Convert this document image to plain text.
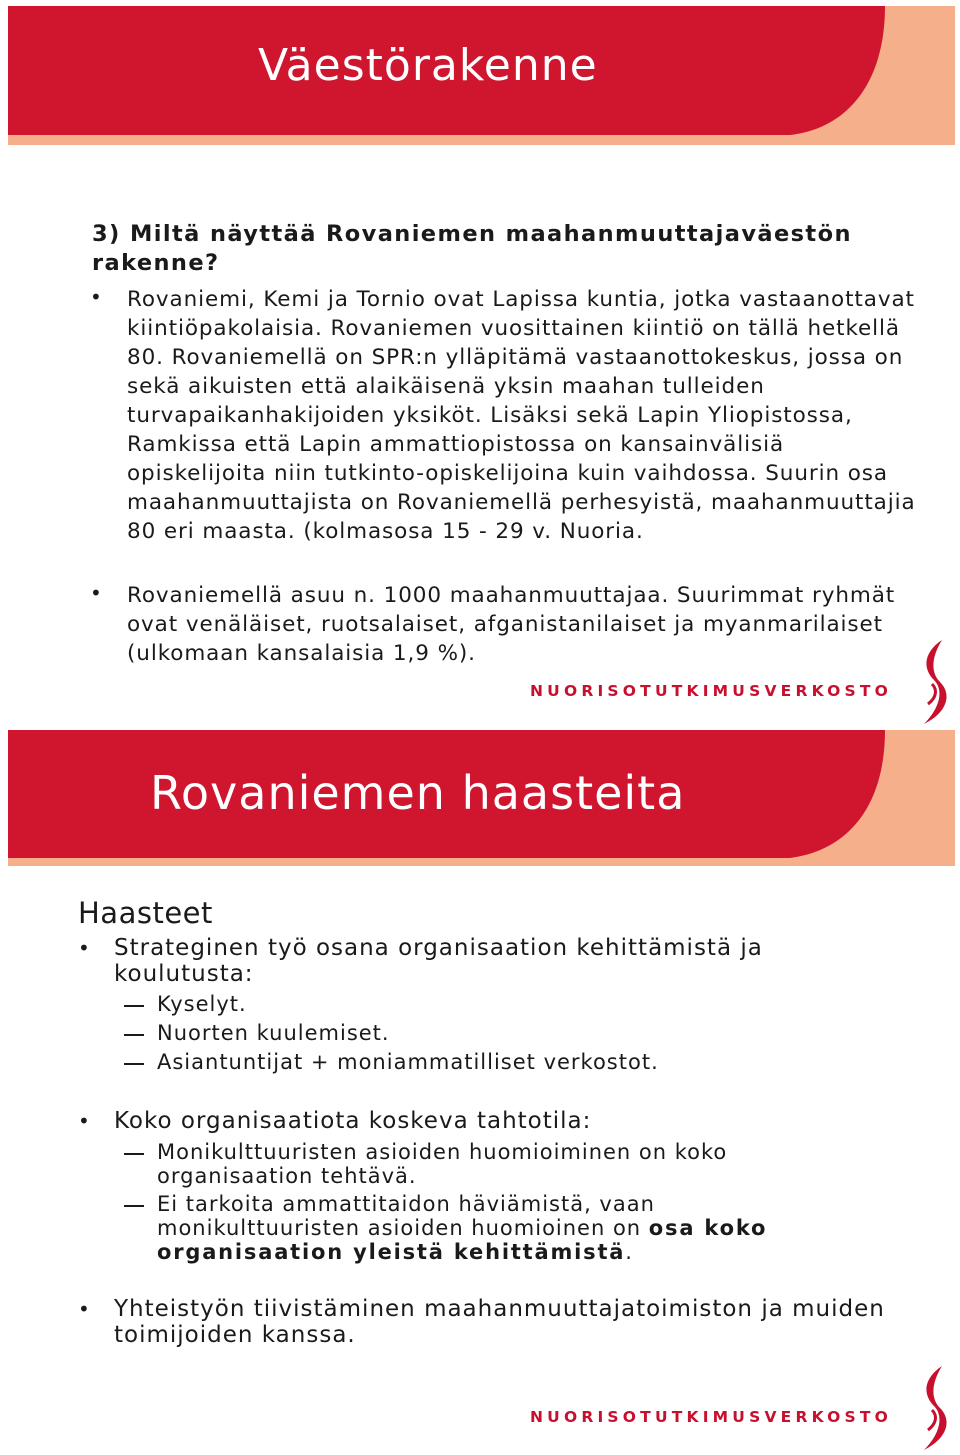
Väestörakenne
3) Miltä näyttää Rovaniemen maahanmuuttajaväestön rakenne?
• Rovaniemi, Kemi ja Tornio ovat Lapissa kuntia, jotka vastaanottavat kiintiöpakolaisia. Rovaniemen vuosittainen kiintiö on tällä hetkellä 80. Rovaniemellä on SPR:n ylläpitämä vastaanottokeskus, jossa on sekä aikuisten että alaikäisenä yksin maahan tulleiden turvapaikanhakijoiden yksiköt. Lisäksi sekä Lapin Yliopistossa, Ramkissa että Lapin ammattiopistossa on kansainvälisiä opiskelijoita niin tutkinto-opiskelijoina kuin vaihdossa. Suurin osa maahanmuuttajista on Rovaniemellä perhesyistä, maahanmuuttajia 80 eri maasta. (kolmasosa 15 - 29 v. Nuoria.
• Rovaniemellä asuu n. 1000 maahanmuuttajaa. Suurimmat ryhmät ovat venäläiset, ruotsalaiset, afganistanilaiset ja myanmarilaiset (ulkomaan kansalaisia 1,9 %).
NUORISOTUTKIMUSVERKOSTO
Rovaniemen haasteita
Haasteet
• Strateginen työ osana organisaation kehittämistä ja koulutusta:
Kyselyt.
Nuorten kuulemiset.
Asiantuntijat + moniammatilliset verkostot.
• Koko organisaatiota koskeva tahtotila:
Monikulttuuristen asioiden huomioiminen on koko organisaation tehtävä.
Ei tarkoita ammattitaidon häviämistä, vaan monikulttuuristen asioiden huomioinen on osa koko organisaation yleistä kehittämistä.
• Yhteistyön tiivistäminen maahanmuuttajatoimiston ja muiden toimijoiden kanssa.
NUORISOTUTKIMUSVERKOSTO
